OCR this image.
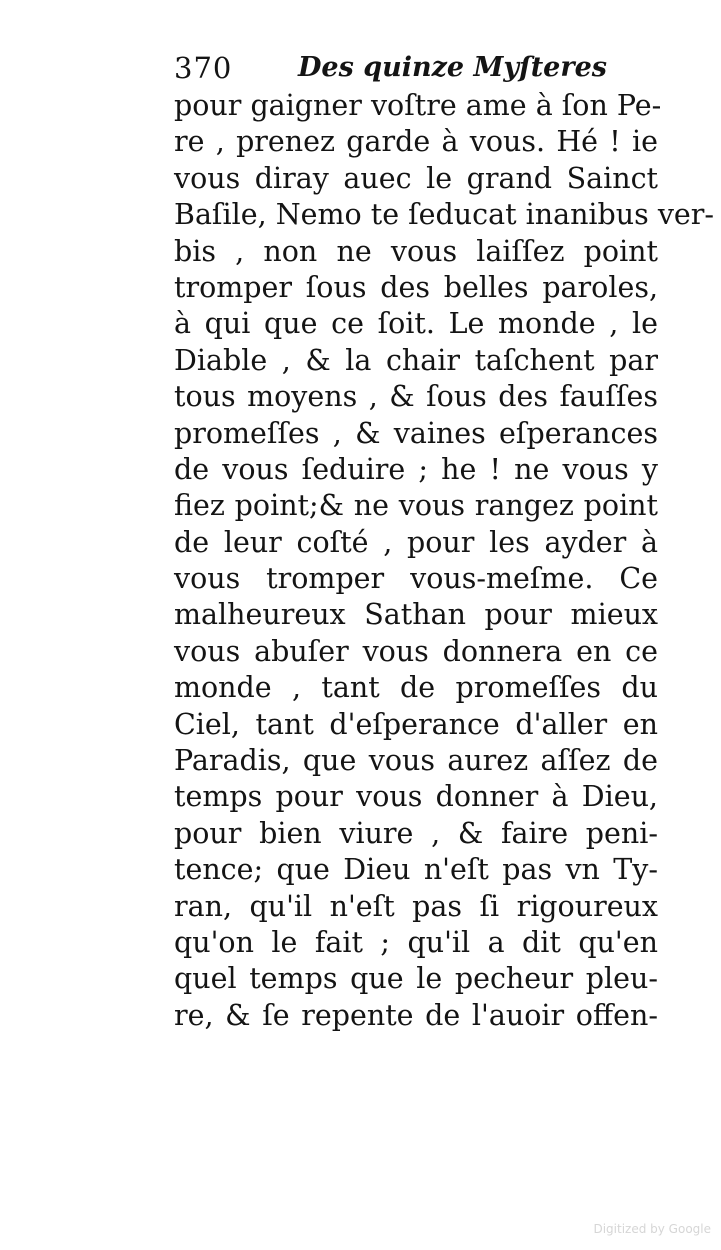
370 Des quinze Myſteres
pour gaigner voſtre ame à ſon Pe-
re , prenez garde à vous. Hé ! ie
vous diray auec le grand Sainct
Baſile, Nemo te ſeducat inanibus ver-
bis , non ne vous laiſſez point
tromper ſous des belles paroles,
à qui que ce ſoit. Le monde , le
Diable , & la chair taſchent par
tous moyens , & ſous des fauſſes
promeſſes , & vaines eſperances
de vous ſeduire ; he ! ne vous y
fiez point;& ne vous rangez point
de leur coſté , pour les ayder à
vous tromper vous-meſme. Ce
malheureux Sathan pour mieux
vous abuſer vous donnera en ce
monde , tant de promeſſes du
Ciel, tant d'eſperance d'aller en
Paradis, que vous aurez aſſez de
temps pour vous donner à Dieu,
pour bien viure , & faire peni-
tence; que Dieu n'eſt pas vn Ty-
ran, qu'il n'eſt pas ſi rigoureux
qu'on le fait ; qu'il a dit qu'en
quel temps que le pecheur pleu-
re, & ſe repente de l'auoir offen-
Digitized by Google
